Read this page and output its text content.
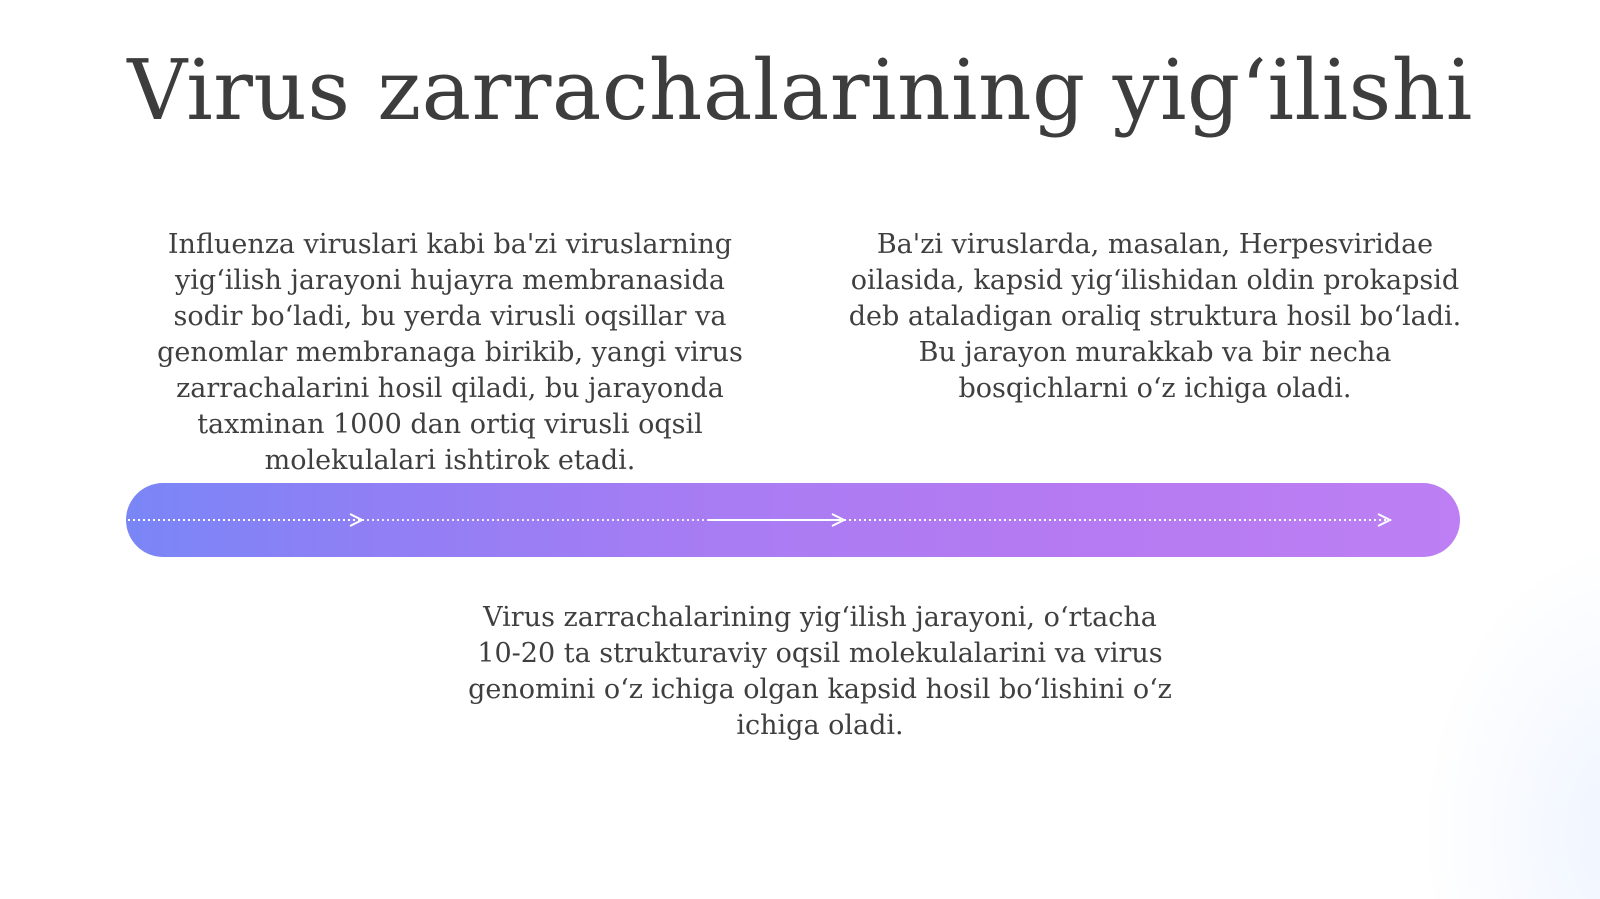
Virus zarrachalarining yig‘ilishi
Influenza viruslari kabi ba'zi viruslarning yig‘ilish jarayoni hujayra membranasida sodir bo‘ladi, bu yerda virusli oqsillar va genomlar membranaga birikib, yangi virus zarrachalarini hosil qiladi, bu jarayonda taxminan 1000 dan ortiq virusli oqsil molekulalari ishtirok etadi.
Ba'zi viruslarda, masalan, Herpesviridae oilasida, kapsid yig‘ilishidan oldin prokapsid deb ataladigan oraliq struktura hosil bo‘ladi. Bu jarayon murakkab va bir necha bosqichlarni o‘z ichiga oladi.
Virus zarrachalarining yig‘ilish jarayoni, o‘rtacha 10-20 ta strukturaviy oqsil molekulalarini va virus genomini o‘z ichiga olgan kapsid hosil bo‘lishini o‘z ichiga oladi.
